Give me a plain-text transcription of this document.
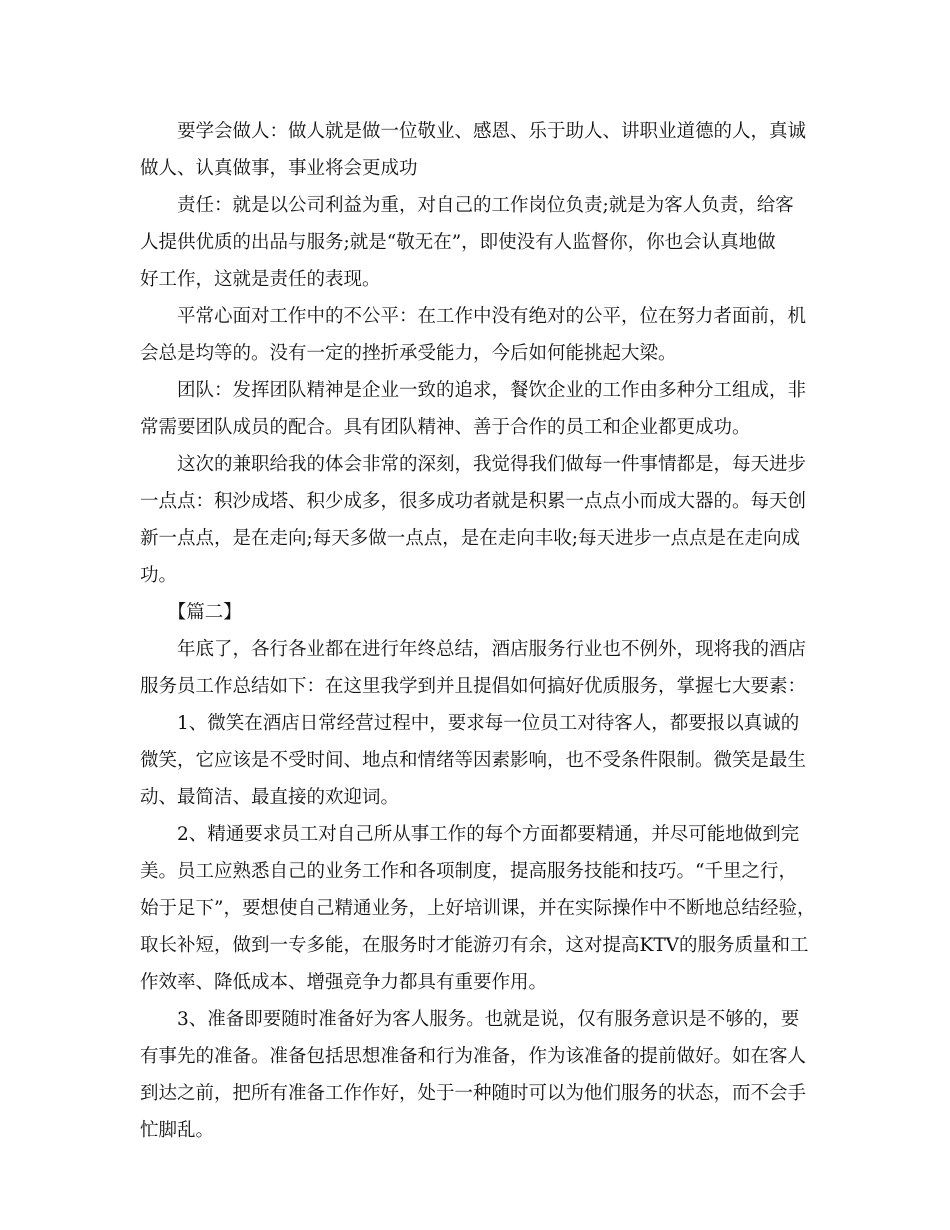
　　要学会做人：做人就是做一位敬业、感恩、乐于助人、讲职业道德的人，真诚
做人、认真做事，事业将会更成功
　　责任：就是以公司利益为重，对自己的工作岗位负责;就是为客人负责，给客
人提供优质的出品与服务;就是“敬无在”，即使没有人监督你，你也会认真地做
好工作，这就是责任的表现。
　　平常心面对工作中的不公平：在工作中没有绝对的公平，位在努力者面前，机
会总是均等的。没有一定的挫折承受能力，今后如何能挑起大梁。
　　团队：发挥团队精神是企业一致的追求，餐饮企业的工作由多种分工组成，非
常需要团队成员的配合。具有团队精神、善于合作的员工和企业都更成功。
　　这次的兼职给我的体会非常的深刻，我觉得我们做每一件事情都是，每天进步
一点点：积沙成塔、积少成多，很多成功者就是积累一点点小而成大器的。每天创
新一点点，是在走向;每天多做一点点，是在走向丰收;每天进步一点点是在走向成
功。
　　【篇二】
　　年底了，各行各业都在进行年终总结，酒店服务行业也不例外，现将我的酒店
服务员工作总结如下：在这里我学到并且提倡如何搞好优质服务，掌握七大要素：
　　1、微笑在酒店日常经营过程中，要求每一位员工对待客人，都要报以真诚的
微笑，它应该是不受时间、地点和情绪等因素影响，也不受条件限制。微笑是最生
动、最简洁、最直接的欢迎词。
　　2、精通要求员工对自己所从事工作的每个方面都要精通，并尽可能地做到完
美。员工应熟悉自己的业务工作和各项制度，提高服务技能和技巧。“千里之行，
始于足下”，要想使自己精通业务，上好培训课，并在实际操作中不断地总结经验，
取长补短，做到一专多能，在服务时才能游刃有余，这对提高KTV的服务质量和工
作效率、降低成本、增强竞争力都具有重要作用。
　　3、准备即要随时准备好为客人服务。也就是说，仅有服务意识是不够的，要
有事先的准备。准备包括思想准备和行为准备，作为该准备的提前做好。如在客人
到达之前，把所有准备工作作好，处于一种随时可以为他们服务的状态，而不会手
忙脚乱。
